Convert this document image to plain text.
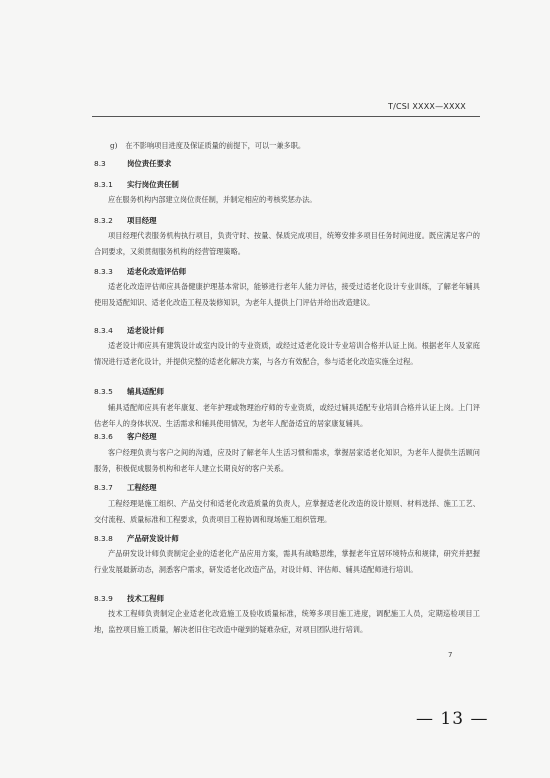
T/CSI XXXX—XXXX
g) 在不影响项目进度及保证质量的前提下，可以一兼多职。
8.3	岗位责任要求
8.3.1 实行岗位责任制
应在服务机构内部建立岗位责任制，并制定相应的考核奖惩办法。
8.3.2 项目经理
项目经理代表服务机构执行项目，负责守时、按量、保质完成项目，统筹安排多项目任务时间进度。既应满足客户的合同要求，又须贯彻服务机构的经营管理策略。
8.3.3 适老化改造评估师
适老化改造评估师应具备健康护理基本常识，能够进行老年人能力评估，接受过适老化设计专业训练，了解老年辅具使用及适配知识、适老化改造工程及装修知识，为老年人提供上门评估并给出改造建议。
8.3.4 适老设计师
适老设计师应具有建筑设计或室内设计的专业资质，或经过适老化设计专业培训合格并认证上岗。根据老年人及家庭情况进行适老化设计，并提供完整的适老化解决方案，与各方有效配合，参与适老化改造实施全过程。
8.3.5 辅具适配师
辅具适配师应具有老年康复、老年护理或物理治疗师的专业资质，或经过辅具适配专业培训合格并认证上岗。上门评估老年人的身体状况、生活需求和辅具使用情况，为老年人配备适宜的居家康复辅具。
8.3.6 客户经理
客户经理负责与客户之间的沟通，应及时了解老年人生活习惯和需求，掌握居家适老化知识，为老年人提供生活顾问服务，积极促成服务机构和老年人建立长期良好的客户关系。
8.3.7 工程经理
工程经理是施工组织、产品交付和适老化改造质量的负责人，应掌握适老化改造的设计原则、材料选择、施工工艺、交付流程、质量标准和工程要求，负责项目工程协调和现场施工组织管理。
8.3.8 产品研发设计师
产品研发设计师负责制定企业的适老化产品应用方案，需具有战略思维，掌握老年宜居环境特点和规律，研究并把握行业发展最新动态，洞悉客户需求，研发适老化改造产品，对设计师、评估师、辅具适配师进行培训。
8.3.9 技术工程师
技术工程师负责制定企业适老化改造施工及验收质量标准，统筹多项目施工进度，调配施工人员，定期巡检项目工地，监控项目施工质量，解决老旧住宅改造中碰到的疑难杂症，对项目团队进行培训。
7
— 13 —
